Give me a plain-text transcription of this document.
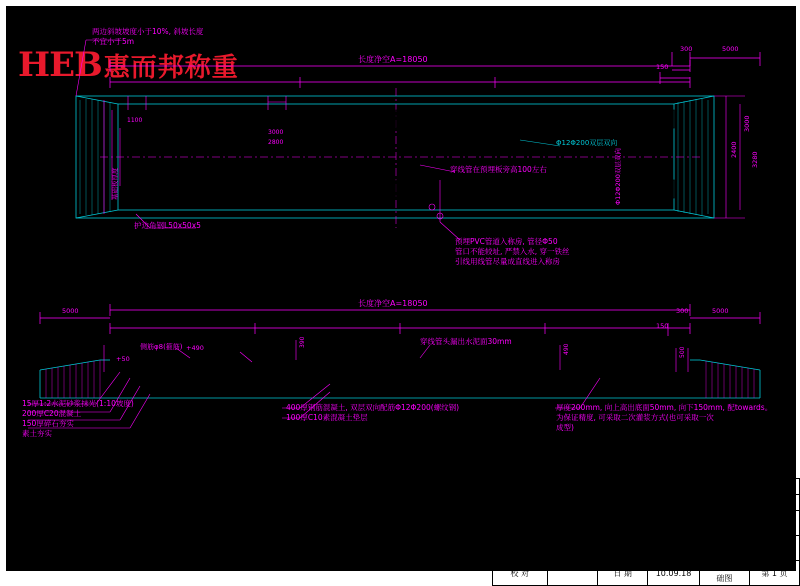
3×18米基坑图纸
HEB惠而邦称重
两边斜坡坡度小于10%, 斜坡长度
不宜小于5m
长度净空A=18050
C=4450	D=4450	E=4425
300	5000
150
3000
2400
3280
1100
3000
2800
M-M1面
Φ12Φ200双层双向
穿线管在预埋板旁高100左右
护边角钢L50x50x5
预埋PVC管道入称房, 管径Φ50
管口不能较址, 严禁入水, 穿一铁丝
引线用线管尽量成直线进入称房
Φ12Φ200双层双向
基础板厚度
长度净空A=18050
B=4425
C=4450
D=4450
E=4425
5000	300
150
5000
390
+490	490	500
侧筋φ8(箍筋)
穿线管头漏出水泥面30mm
+50
15厚1:2水泥砂浆抹光(1:10坡度)
200厚C20混凝土
150厚碎石夯实
素土夯实
400厚钢筋混凝土, 双层双向配筋Φ12Φ200(螺纹钢)
100厚C10素混凝土垫层
厚度200mm, 向上高出底面50mm, 向下150mm, 配towards。
为保证精度, 可采取二次灌浆方式(也可采取一次
成型)
规格尺寸	代码 A 尺寸	代码 B 尺寸	代码 C 尺寸	代码 D 尺寸	代码 E 尺寸
3.0 x 18	18050	4425	4450	4450	4425
设 计	胡志球	审 核		东莞惠而邦称重设备有限公司	
制 图	刘双喜	审 定		(地磅3米宽) 四段式基础	共 2 页
校 对		日 期	10.09.18	无基坑式基础图	第 1 页
